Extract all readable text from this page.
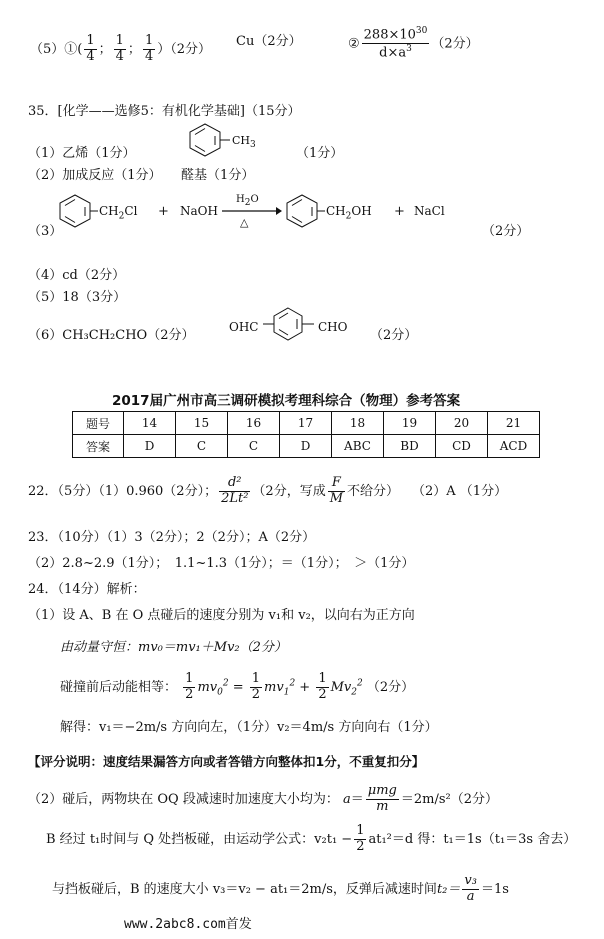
（5）①( $\frac{1}{4}$ ； $\frac{1}{4}$ ； $\frac{1}{4} )(2$分）
Cu（2分）	② $\frac{288\times 10^{30}}{d\times a^3} (2$分）
35．[化学——选修5：有机化学基础]（15分）
（1）乙烯（1分）
$CH_3$
（1分）
（2）加成反应（1分）　　醛基（1分）
$CH_2Cl$ + NaOH
$H_2O$
△
$CH_2OH$ + NaCl
（3）	（2分）
（4）cd（2分）
（5）18（3分）
（6）CH₃CH₂CHO（2分）
OHC	CHO
（2分）
2017届广州市高三调研模拟考理科综合（物理）参考答案
题号	14	15	16	17	18	19	20	21
答案	D	C	C	D	ABC	BD	CD	ACD
22．（5分）（1）0.960（2分）； $\frac{\text{d²}}{\text{2Lt²}} (2$分，写成 $\frac{F}{M}$ 不给分）　　（2）A （1分）
23．（10分）（1）3（2分）；2（2分）；A（2分）
（2）2.8~2.9（1分）；　1.1~1.3（1分）；＝（1分）；　＞（1分）
24．（14分）解析：
（1）设 A、B 在 O 点碰后的速度分别为 v₁和 v₂，以向右为正方向
由动量守恒：mv₀＝mv₁＋Mv₂（2分）
碰撞前后动能相等： $\frac{1}{2} mv_0^2 = \frac{1}{2} mv_1^2 + \frac{1}{2} Mv_2^2$ （2分）
解得：v₁＝−2m/s 方向向左，（1分）v₂＝4m/s 方向向右（1分）
【评分说明：速度结果漏答方向或者答错方向整体扣1分，不重复扣分】
（2）碰后，两物块在 OQ 段减速时加速度大小均为： $a= \frac{\text{μmg}}{m} =2m/s^2(2$分）
B 经过 t₁时间与 Q 处挡板碰，由运动学公式：$v_2t_1 - \frac{1}{2} at_1^2=d$ 得：t₁＝1s（t₁＝3s 舍去）
与挡板碰后，B 的速度大小 v₃＝v₂ − at₁＝2m/s，反弹后减速时间$t_2= \frac{\text{v₃}}{a} =1s$
www.2abc8.com首发
